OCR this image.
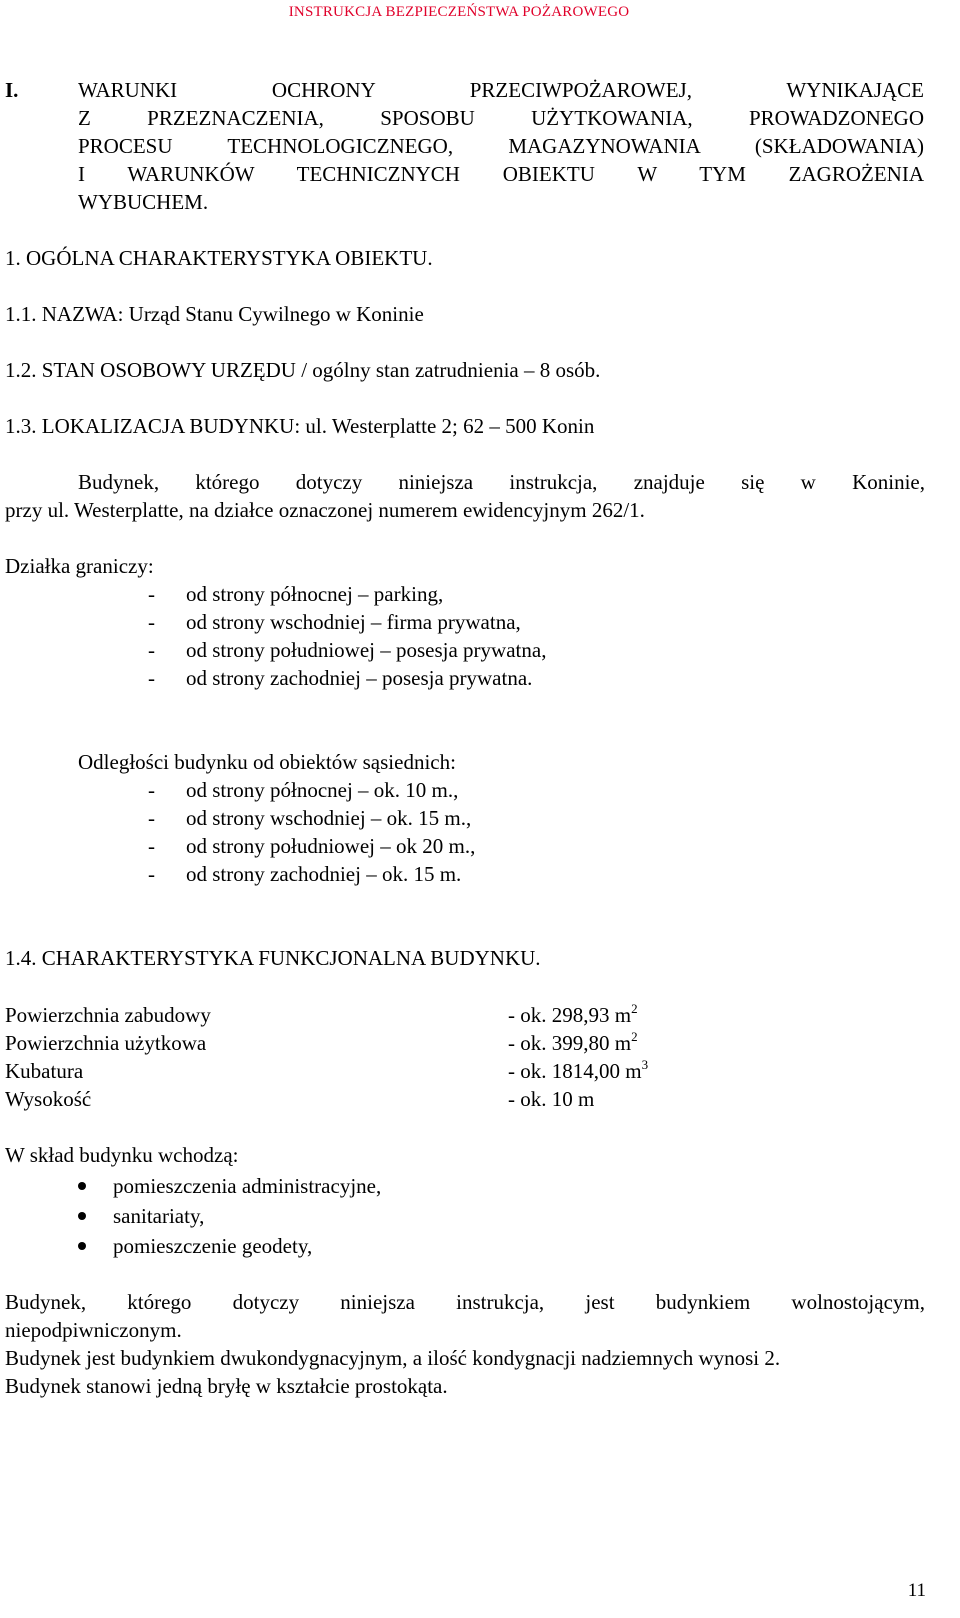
INSTRUKCJA BEZPIECZEŃSTWA POŻAROWEGO
I.	WARUNKI OCHRONY PRZECIWPOŻAROWEJ, WYNIKAJĄCE
Z PRZEZNACZENIA, SPOSOBU UŻYTKOWANIA, PROWADZONEGO
PROCESU TECHNOLOGICZNEGO, MAGAZYNOWANIA (SKŁADOWANIA)
I WARUNKÓW TECHNICZNYCH OBIEKTU W TYM ZAGROŻENIA
WYBUCHEM.
1. OGÓLNA CHARAKTERYSTYKA OBIEKTU.
1.1. NAZWA: Urząd Stanu Cywilnego w Koninie
1.2. STAN OSOBOWY URZĘDU / ogólny stan zatrudnienia – 8 osób.
1.3. LOKALIZACJA BUDYNKU: ul. Westerplatte 2; 62 – 500 Konin
Budynek, którego dotyczy niniejsza instrukcja, znajduje się w Koninie,
przy ul. Westerplatte, na działce oznaczonej numerem ewidencyjnym 262/1.
Działka graniczy:
-	od strony północnej – parking,
-	od strony wschodniej – firma prywatna,
-	od strony południowej – posesja prywatna,
-	od strony zachodniej – posesja prywatna.
Odległości budynku od obiektów sąsiednich:
-	od strony północnej – ok. 10 m.,
-	od strony wschodniej – ok. 15 m.,
-	od strony południowej – ok 20 m.,
-	od strony zachodniej – ok. 15 m.
1.4. CHARAKTERYSTYKA FUNKCJONALNA BUDYNKU.
Powierzchnia zabudowy	- ok. 298,93 $m^2$
Powierzchnia użytkowa	- ok. 399,80 $m^2$
Kubatura	- ok. 1814,00 $m^3$
Wysokość	- ok. 10 m
W skład budynku wchodzą:
pomieszczenia administracyjne,
sanitariaty,
pomieszczenie geodety,
Budynek, którego dotyczy niniejsza instrukcja, jest budynkiem wolnostojącym,
niepodpiwniczonym.
Budynek jest budynkiem dwukondygnacyjnym, a ilość kondygnacji nadziemnych wynosi 2.
Budynek stanowi jedną bryłę w kształcie prostokąta.
11
